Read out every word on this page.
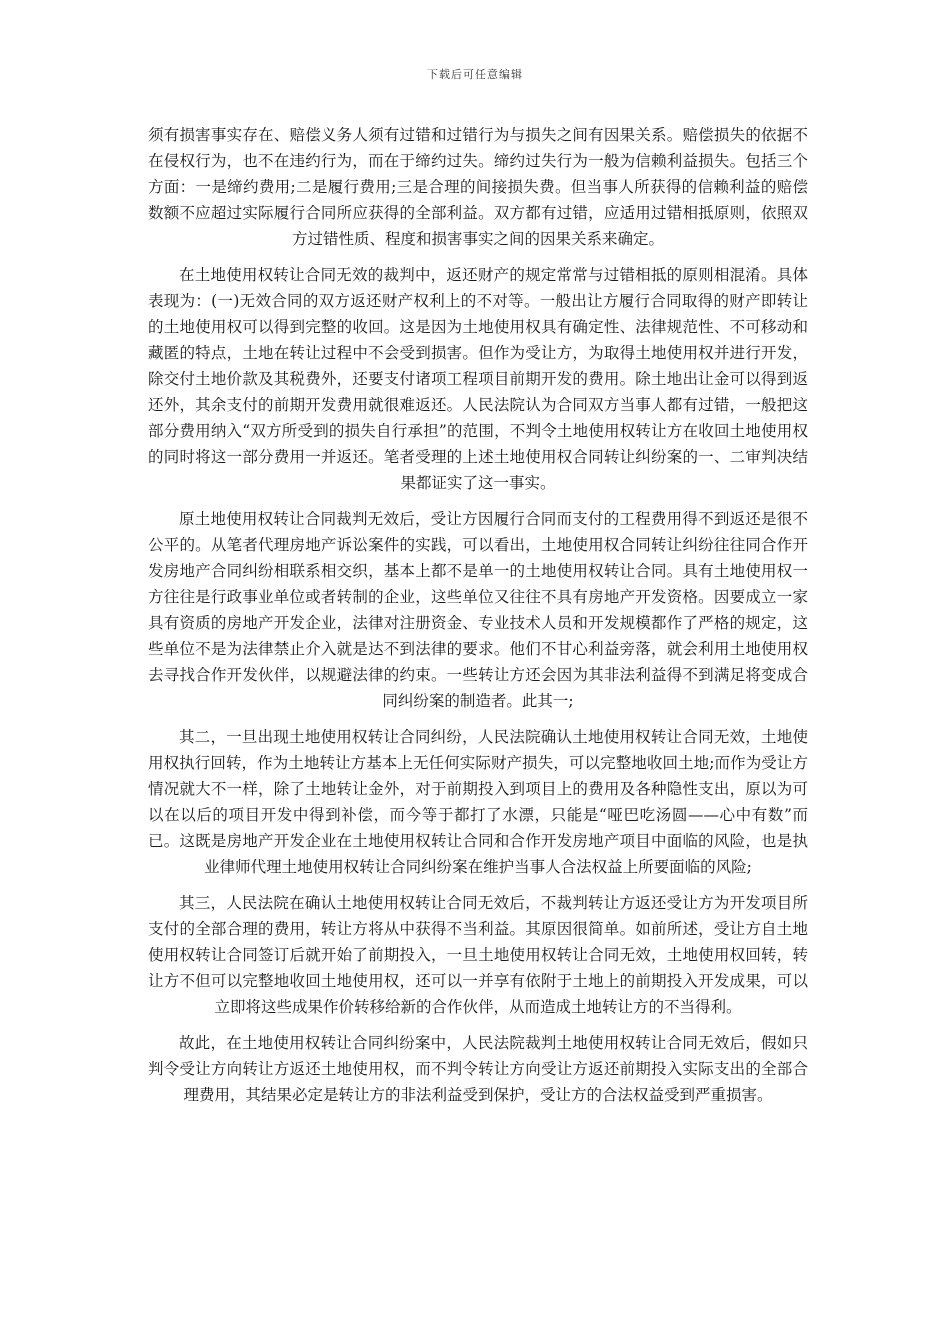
下载后可任意编辑

须有损害事实存在、赔偿义务人须有过错和过错行为与损失之间有因果关系。赔偿损失的依据不在侵权行为，也不在违约行为，而在于缔约过失。缔约过失行为一般为信赖利益损失。包括三个方面：一是缔约费用;二是履行费用;三是合理的间接损失费。但当事人所获得的信赖利益的赔偿数额不应超过实际履行合同所应获得的全部利益。双方都有过错，应适用过错相抵原则，依照双方过错性质、程度和损害事实之间的因果关系来确定。

在土地使用权转让合同无效的裁判中，返还财产的规定常常与过错相抵的原则相混淆。具体表现为：(一)无效合同的双方返还财产权利上的不对等。一般出让方履行合同取得的财产即转让的土地使用权可以得到完整的收回。这是因为土地使用权具有确定性、法律规范性、不可移动和藏匿的特点，土地在转让过程中不会受到损害。但作为受让方，为取得土地使用权并进行开发，除交付土地价款及其税费外，还要支付诸项工程项目前期开发的费用。除土地出让金可以得到返还外，其余支付的前期开发费用就很难返还。人民法院认为合同双方当事人都有过错，一般把这部分费用纳入“双方所受到的损失自行承担”的范围，不判令土地使用权转让方在收回土地使用权的同时将这一部分费用一并返还。笔者受理的上述土地使用权合同转让纠纷案的一、二审判决结果都证实了这一事实。

原土地使用权转让合同裁判无效后，受让方因履行合同而支付的工程费用得不到返还是很不公平的。从笔者代理房地产诉讼案件的实践，可以看出，土地使用权合同转让纠纷往往同合作开发房地产合同纠纷相联系相交织，基本上都不是单一的土地使用权转让合同。具有土地使用权一方往往是行政事业单位或者转制的企业，这些单位又往往不具有房地产开发资格。因要成立一家具有资质的房地产开发企业，法律对注册资金、专业技术人员和开发规模都作了严格的规定，这些单位不是为法律禁止介入就是达不到法律的要求。他们不甘心利益旁落，就会利用土地使用权去寻找合作开发伙伴，以规避法律的约束。一些转让方还会因为其非法利益得不到满足将变成合同纠纷案的制造者。此其一;

其二，一旦出现土地使用权转让合同纠纷，人民法院确认土地使用权转让合同无效，土地使用权执行回转，作为土地转让方基本上无任何实际财产损失，可以完整地收回土地;而作为受让方情况就大不一样，除了土地转让金外，对于前期投入到项目上的费用及各种隐性支出，原以为可以在以后的项目开发中得到补偿，而今等于都打了水漂，只能是“哑巴吃汤圆——心中有数”而已。这既是房地产开发企业在土地使用权转让合同和合作开发房地产项目中面临的风险，也是执业律师代理土地使用权转让合同纠纷案在维护当事人合法权益上所要面临的风险;

其三，人民法院在确认土地使用权转让合同无效后，不裁判转让方返还受让方为开发项目所支付的全部合理的费用，转让方将从中获得不当利益。其原因很简单。如前所述，受让方自土地使用权转让合同签订后就开始了前期投入，一旦土地使用权转让合同无效，土地使用权回转，转让方不但可以完整地收回土地使用权，还可以一并享有依附于土地上的前期投入开发成果，可以立即将这些成果作价转移给新的合作伙伴，从而造成土地转让方的不当得利。

故此，在土地使用权转让合同纠纷案中，人民法院裁判土地使用权转让合同无效后，假如只判令受让方向转让方返还土地使用权，而不判令转让方向受让方返还前期投入实际支出的全部合理费用，其结果必定是转让方的非法利益受到保护，受让方的合法权益受到严重损害。
